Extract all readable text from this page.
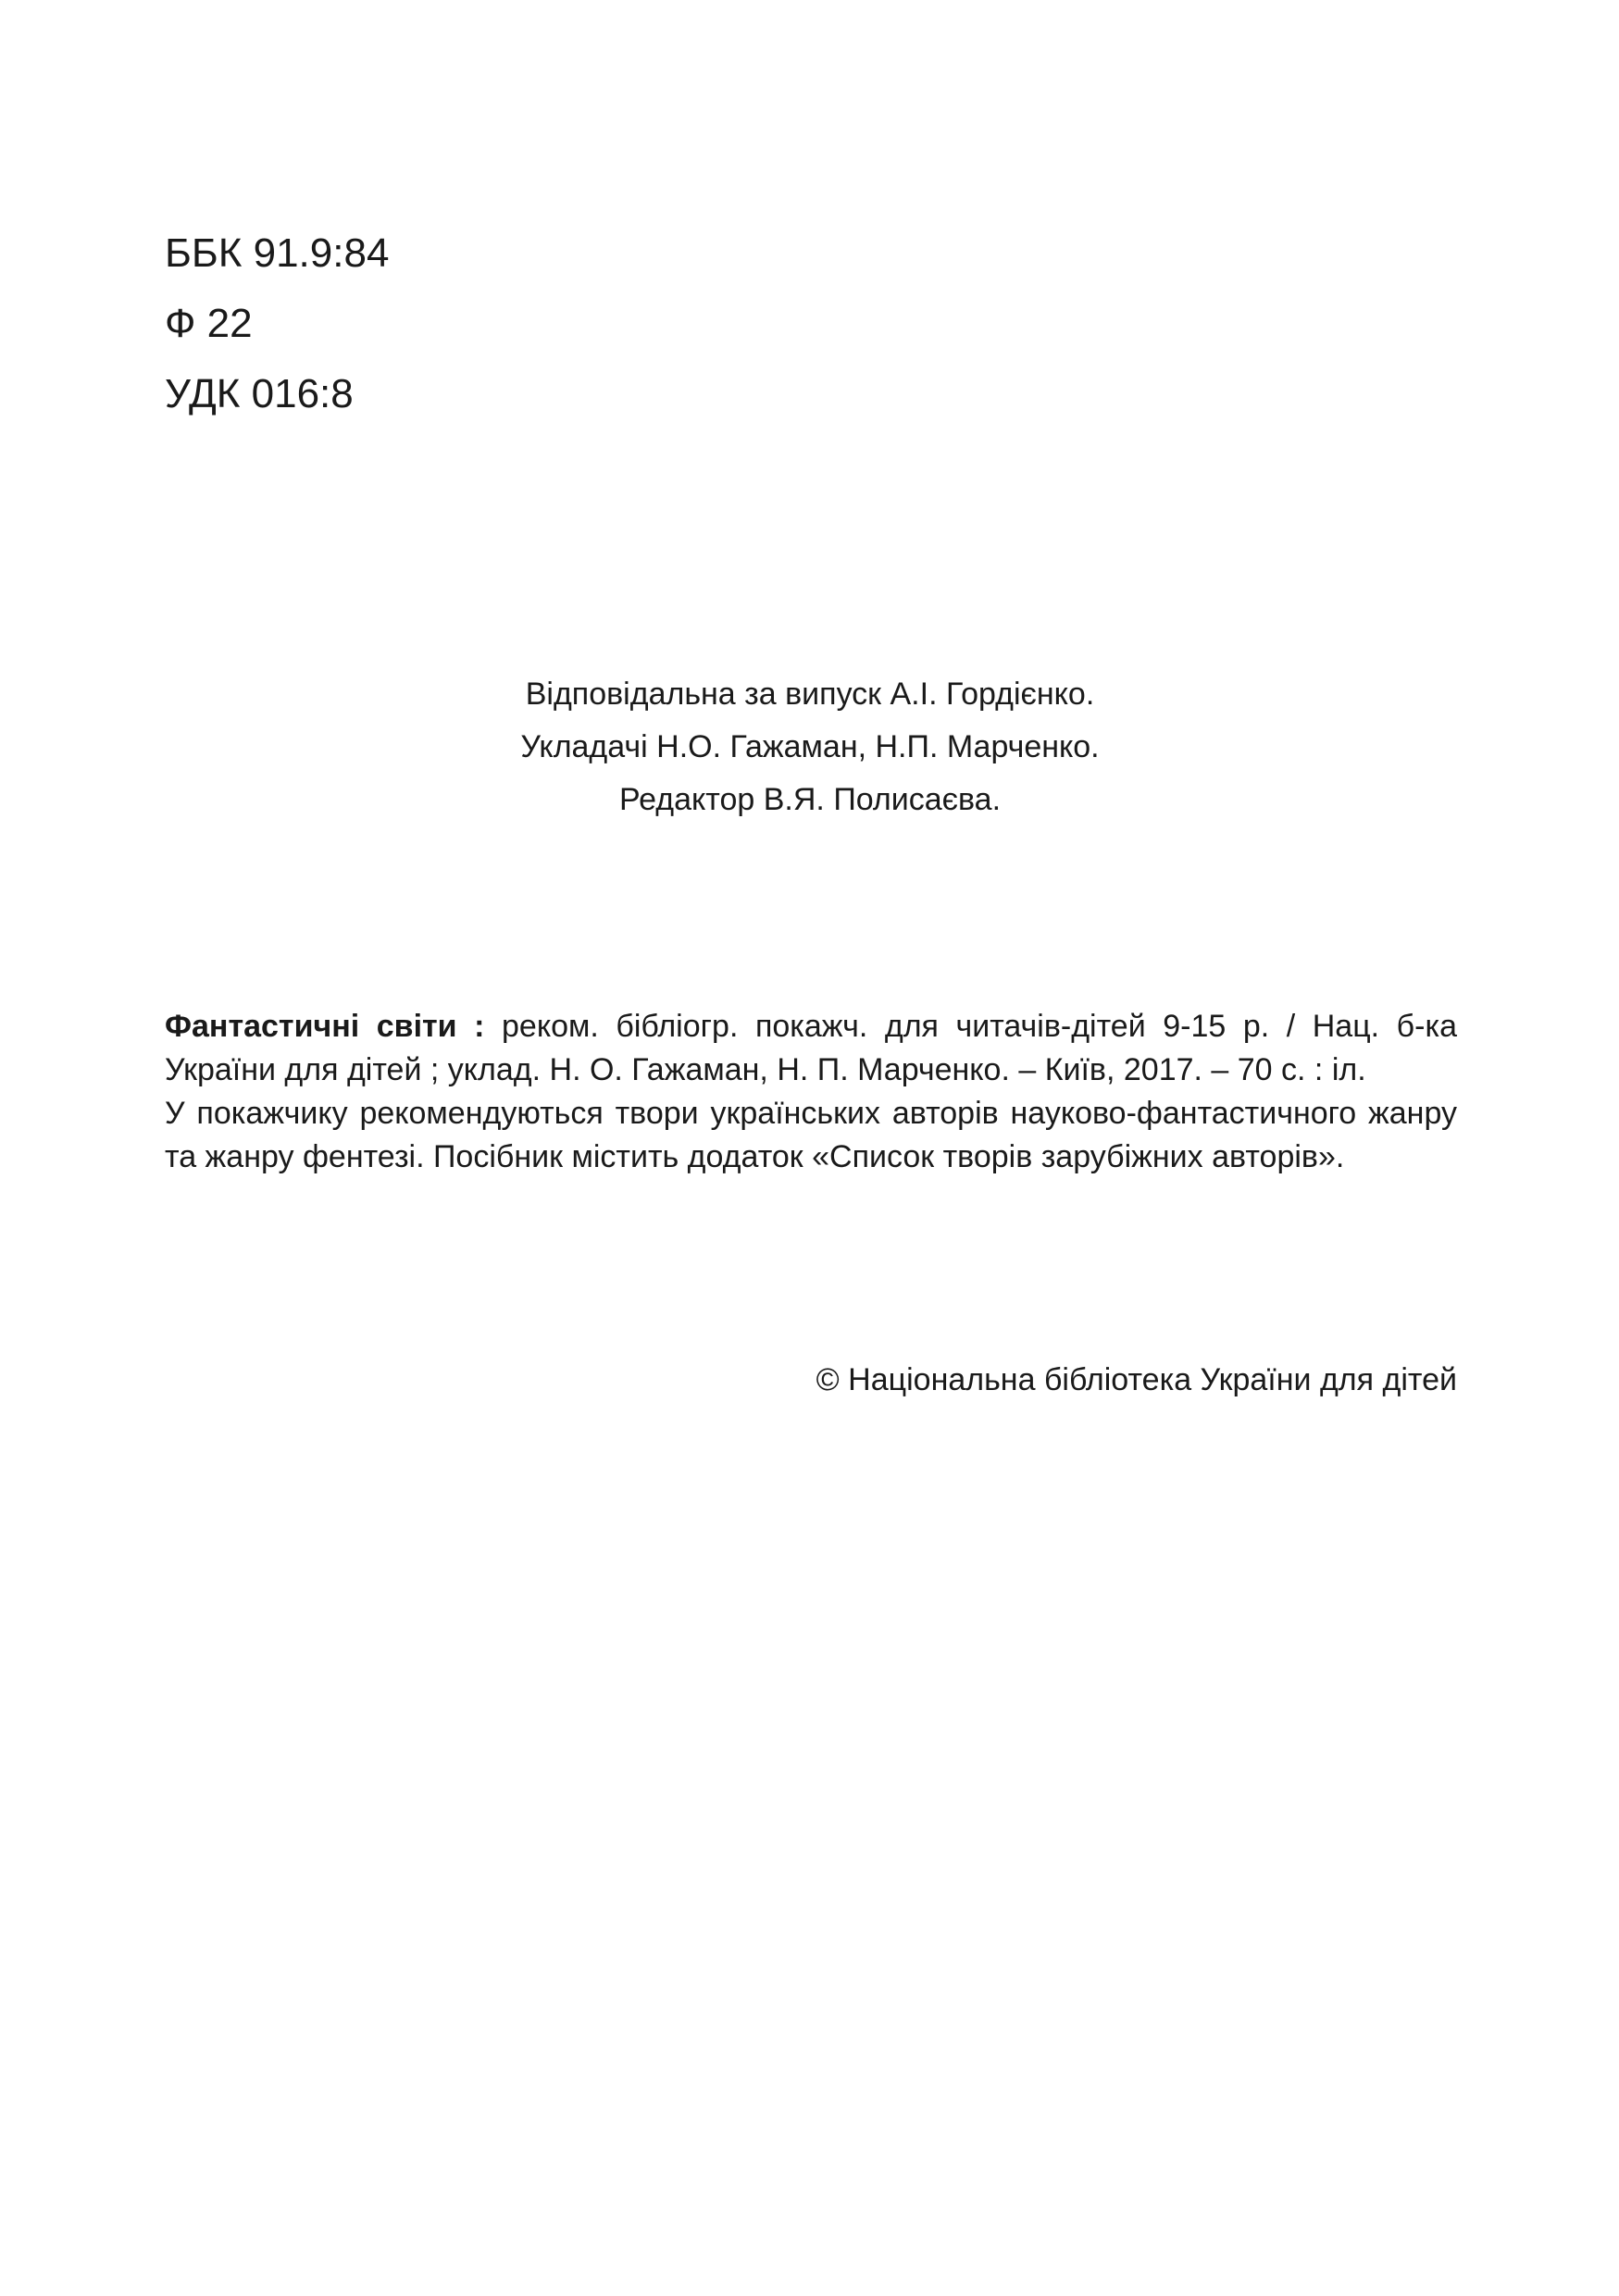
ББК 91.9:84
Ф 22
УДК 016:8
Відповідальна за випуск А.І. Гордієнко.
Укладачі Н.О. Гажаман, Н.П. Марченко.
Редактор В.Я. Полисаєва.
Фантастичні світи : реком. бібліогр. покажч. для читачів-дітей 9-15 р. / Нац. б-ка України для дітей ; уклад. Н. О. Гажаман, Н. П. Марченко. – Київ, 2017. – 70 с. : іл.
У покажчику рекомендуються твори українських авторів науково-фантастичного жанру та жанру фентезі. Посібник містить додаток «Список творів зарубіжних авторів».
© Національна бібліотека України для дітей
